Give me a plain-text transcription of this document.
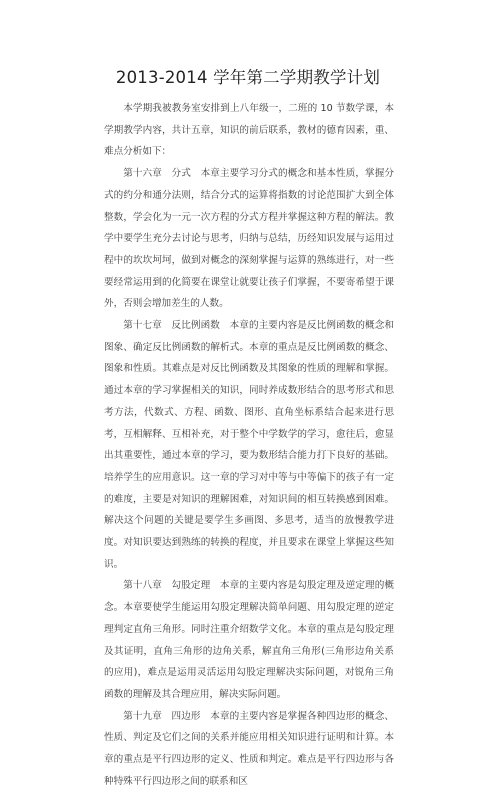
2013-2014 学年第二学期教学计划

本学期我被教务室安排到上八年级一，二班的 10 节数学课，本学期教学内容，共计五章，知识的前后联系，教材的德育因素，重、难点分析如下：

第十六章　分式　本章主要学习分式的概念和基本性质，掌握分式的约分和通分法则，结合分式的运算将指数的讨论范围扩大到全体整数，学会化为一元一次方程的分式方程并掌握这种方程的解法。教学中要学生充分去讨论与思考，归纳与总结，历经知识发展与运用过程中的坎坎坷坷，做到对概念的深刻掌握与运算的熟练进行，对一些要经常运用到的化简要在课堂让就要让孩子们掌握，不要寄希望于课外，否则会增加差生的人数。

第十七章　反比例函数　本章的主要内容是反比例函数的概念和图象、确定反比例函数的解析式。本章的重点是反比例函数的概念、图象和性质。其难点是对反比例函数及其图象的性质的理解和掌握。通过本章的学习掌握相关的知识，同时养成数形结合的思考形式和思考方法，代数式、方程、函数、图形、直角坐标系结合起来进行思考，互相解释、互相补充，对于整个中学数学的学习，愈往后，愈显出其重要性，通过本章的学习，要为数形结合能力打下良好的基础。培养学生的应用意识。这一章的学习对中等与中等偏下的孩子有一定的难度，主要是对知识的理解困难，对知识间的相互转换感到困难。解决这个问题的关键是要学生多画图、多思考，适当的放慢教学进度。对知识要达到熟练的转换的程度，并且要求在课堂上掌握这些知识。

第十八章　勾股定理　本章的主要内容是勾股定理及逆定理的概念。本章要使学生能运用勾股定理解决简单问题、用勾股定理的逆定理判定直角三角形。同时注重介绍数学文化。本章的重点是勾股定理及其证明，直角三角形的边角关系，解直角三角形(三角形边角关系的应用)，难点是运用灵活运用勾股定理解决实际问题，对锐角三角函数的理解及其合理应用，解决实际问题。

第十九章　四边形　本章的主要内容是掌握各种四边形的概念、性质、判定及它们之间的关系并能应用相关知识进行证明和计算。本章的重点是平行四边形的定义、性质和判定。难点是平行四边形与各种特殊平行四边形之间的联系和区
